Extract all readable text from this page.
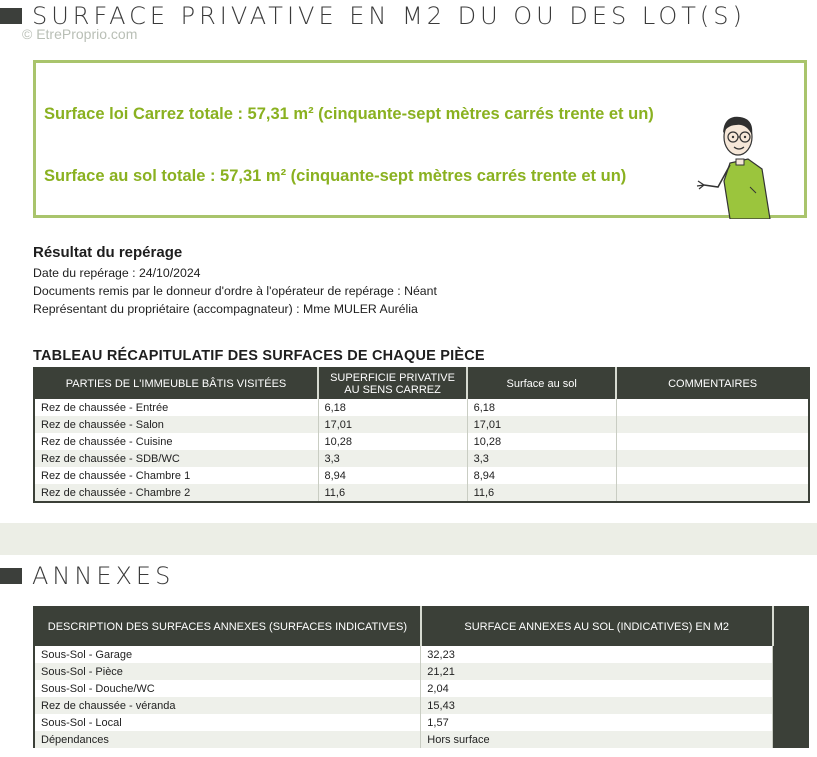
SURFACE PRIVATIVE EN M2 DU OU DES LOT(S)
© EtreProprio.com
Surface loi Carrez totale : 57,31 m² (cinquante-sept mètres carrés trente et un)
Surface au sol totale : 57,31 m² (cinquante-sept mètres carrés trente et un)
Résultat du repérage
Date du repérage : 24/10/2024
Documents remis par le donneur d'ordre à l'opérateur de repérage : Néant
Représentant du propriétaire (accompagnateur) : Mme MULER Aurélia
TABLEAU RÉCAPITULATIF DES SURFACES DE CHAQUE PIÈCE
PARTIES DE L'IMMEUBLE BÂTIS VISITÉES	SUPERFICIE PRIVATIVE AU SENS CARREZ	Surface au sol	COMMENTAIRES
Rez de chaussée - Entrée	6,18	6,18	
Rez de chaussée - Salon	17,01	17,01	
Rez de chaussée - Cuisine	10,28	10,28	
Rez de chaussée - SDB/WC	3,3	3,3	
Rez de chaussée - Chambre 1	8,94	8,94	
Rez de chaussée - Chambre 2	11,6	11,6	
ANNEXES
DESCRIPTION DES SURFACES ANNEXES (SURFACES INDICATIVES)	SURFACE ANNEXES AU SOL (INDICATIVES) EN M2	
Sous-Sol - Garage	32,23	
Sous-Sol - Pièce	21,21	
Sous-Sol - Douche/WC	2,04	
Rez de chaussée - véranda	15,43	
Sous-Sol - Local	1,57	
Dépendances	Hors surface	
